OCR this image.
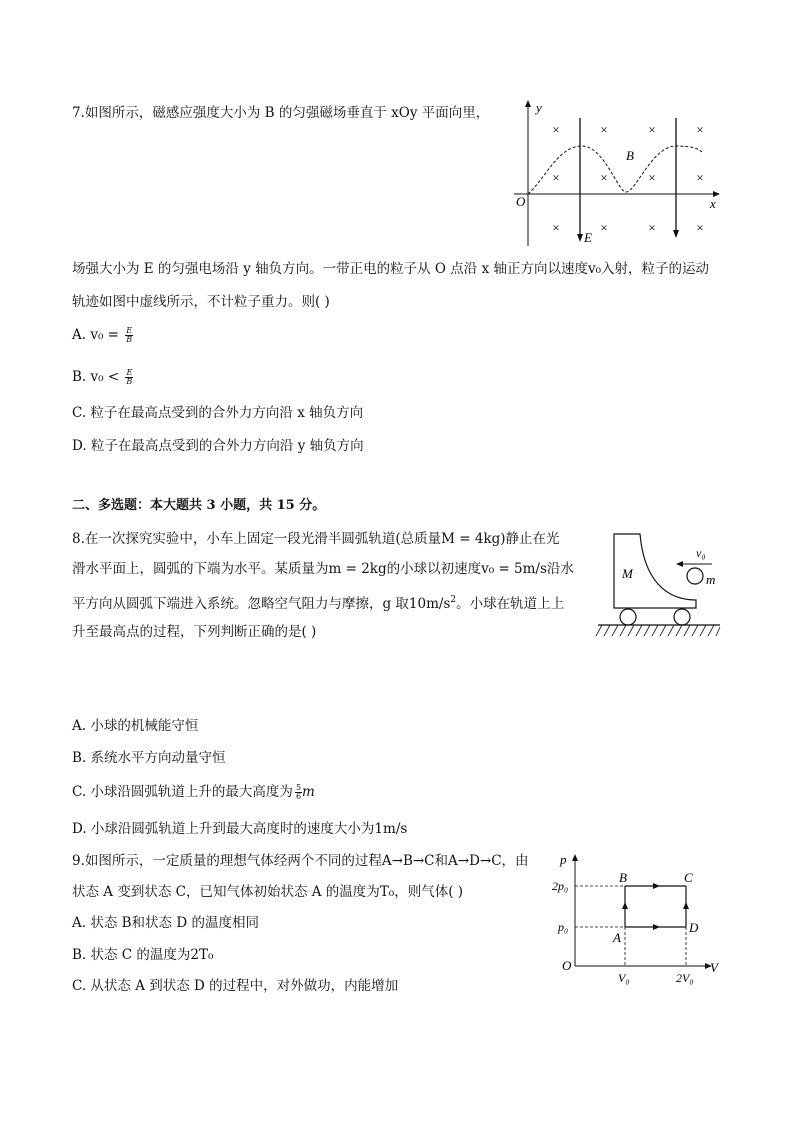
7.如图所示，磁感应强度大小为 B 的匀强磁场垂直于 xOy 平面向里，	y
x
O
E
B
×	×	×	×
×	×	×	×
×	×	×	×
场强大小为 E 的匀强电场沿 y 轴负方向。一带正电的粒子从 O 点沿 x 轴正方向以速度v₀入射，粒子的运动
轨迹如图中虚线所示，不计粒子重力。则( )
A. $v_0 = \frac{E}{B}$
B. $v_0 < \frac{E}{B}$
C. 粒子在最高点受到的合外力方向沿 x 轴负方向
D. 粒子在最高点受到的合外力方向沿 y 轴负方向
二、多选题：本大题共 3 小题，共 15 分。
8.在一次探究实验中，小车上固定一段光滑半圆弧轨道(总质量M = 4kg)静止在光
滑水平面上，圆弧的下端为水平。某质量为m = 2kg的小球以初速度v₀ = 5m/s沿水
平方向从圆弧下端进入系统。忽略空气阻力与摩擦，g 取$10m/s^2$。小球在轨道上上
升至最高点的过程，下列判断正确的是( )
v₀
M	m
A. 小球的机械能守恒
B. 系统水平方向动量守恒
C. 小球沿圆弧轨道上升的最大高度为 $\frac{5}{6}$ m
D. 小球沿圆弧轨道上升到最大高度时的速度大小为1m/s
9.如图所示，一定质量的理想气体经两个不同的过程A→B→C和A→D→C，由
状态 A 变到状态 C，已知气体初始状态 A 的温度为T₀，则气体( )
A. 状态 B和状态 D 的温度相同
B. 状态 C 的温度为2T₀
C. 从状态 A 到状态 D 的过程中，对外做功，内能增加
p
V
O
2p₀
p₀
V₀	2V₀
A
B	C
D
